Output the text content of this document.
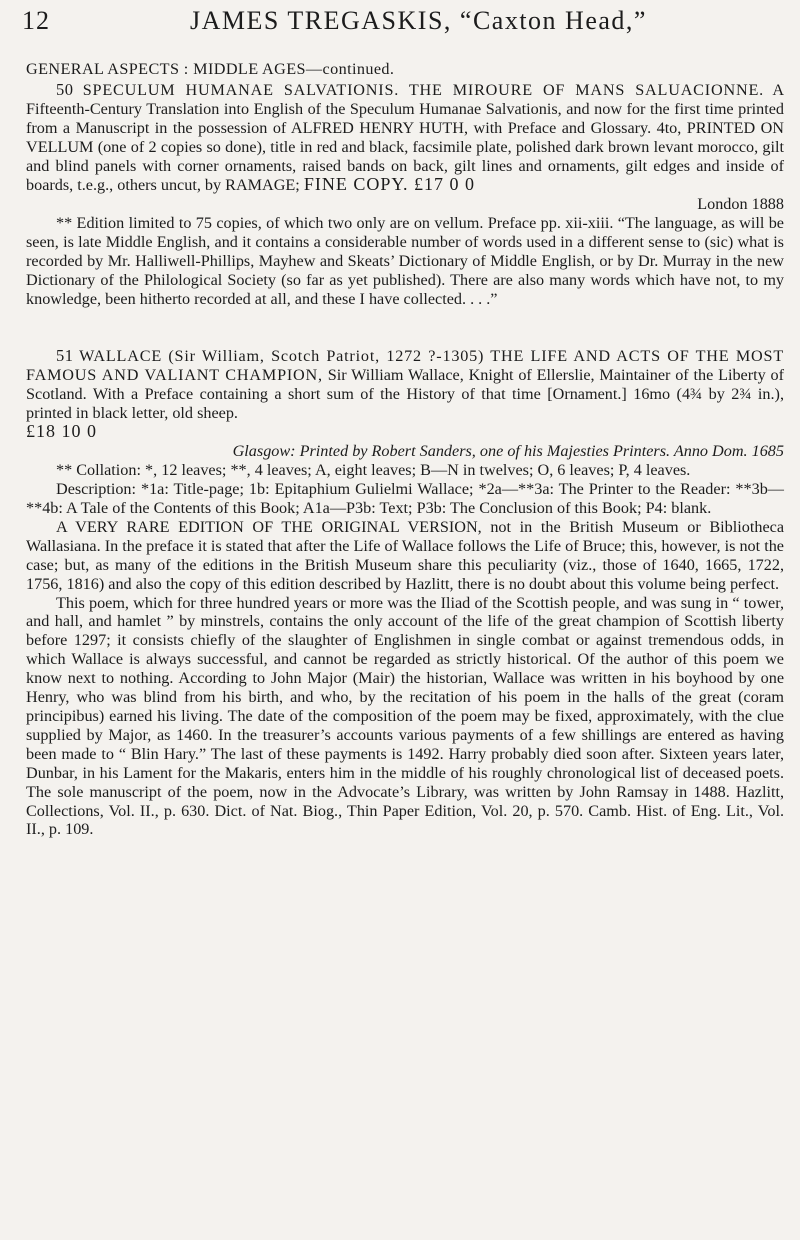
12	JAMES TREGASKIS, “Caxton Head,”

GENERAL ASPECTS : MIDDLE AGES—continued.

50 SPECULUM HUMANAE SALVATIONIS. THE MIROURE OF MANS SALUACIONNE. A Fifteenth-Century Translation into English of the Speculum Humanae Salvationis, and now for the first time printed from a Manuscript in the possession of ALFRED HENRY HUTH, with Preface and Glossary. 4to, PRINTED ON VELLUM (one of 2 copies so done), title in red and black, facsimile plate, polished dark brown levant morocco, gilt and blind panels with corner ornaments, raised bands on back, gilt lines and ornaments, gilt edges and inside of boards, t.e.g., others uncut, by RAMAGE; FINE COPY. £17 0 0

London 1888

** Edition limited to 75 copies, of which two only are on vellum. Preface pp. xii-xiii. “The language, as will be seen, is late Middle English, and it contains a considerable number of words used in a different sense to (sic) what is recorded by Mr. Halliwell-Phillips, Mayhew and Skeats’ Dictionary of Middle English, or by Dr. Murray in the new Dictionary of the Philological Society (so far as yet published). There are also many words which have not, to my knowledge, been hitherto recorded at all, and these I have collected. . . .”

51 WALLACE (Sir William, Scotch Patriot, 1272 ?-1305) THE LIFE AND ACTS OF THE MOST FAMOUS AND VALIANT CHAMPION, Sir William Wallace, Knight of Ellerslie, Maintainer of the Liberty of Scotland. With a Preface containing a short sum of the History of that time [Ornament.] 16mo (4¾ by 2¾ in.), printed in black letter, old sheep.

£18 10 0

Glasgow: Printed by Robert Sanders, one of his Majesties Printers. Anno Dom. 1685

** Collation: *, 12 leaves; **, 4 leaves; A, eight leaves; B—N in twelves; O, 6 leaves; P, 4 leaves.

Description: *1a: Title-page; 1b: Epitaphium Gulielmi Wallace; *2a—**3a: The Printer to the Reader: **3b—**4b: A Tale of the Contents of this Book; A1a—P3b: Text; P3b: The Conclusion of this Book; P4: blank.

A VERY RARE EDITION OF THE ORIGINAL VERSION, not in the British Museum or Bibliotheca Wallasiana. In the preface it is stated that after the Life of Wallace follows the Life of Bruce; this, however, is not the case; but, as many of the editions in the British Museum share this peculiarity (viz., those of 1640, 1665, 1722, 1756, 1816) and also the copy of this edition described by Hazlitt, there is no doubt about this volume being perfect.

This poem, which for three hundred years or more was the Iliad of the Scottish people, and was sung in “ tower, and hall, and hamlet ” by minstrels, contains the only account of the life of the great champion of Scottish liberty before 1297; it consists chiefly of the slaughter of Englishmen in single combat or against tremendous odds, in which Wallace is always successful, and cannot be regarded as strictly historical. Of the author of this poem we know next to nothing. According to John Major (Mair) the historian, Wallace was written in his boyhood by one Henry, who was blind from his birth, and who, by the recitation of his poem in the halls of the great (coram principibus) earned his living. The date of the composition of the poem may be fixed, approximately, with the clue supplied by Major, as 1460. In the treasurer’s accounts various payments of a few shillings are entered as having been made to “ Blin Hary.” The last of these payments is 1492. Harry probably died soon after. Sixteen years later, Dunbar, in his Lament for the Makaris, enters him in the middle of his roughly chronological list of deceased poets. The sole manuscript of the poem, now in the Advocate’s Library, was written by John Ramsay in 1488. Hazlitt, Collections, Vol. II., p. 630. Dict. of Nat. Biog., Thin Paper Edition, Vol. 20, p. 570. Camb. Hist. of Eng. Lit., Vol. II., p. 109.
